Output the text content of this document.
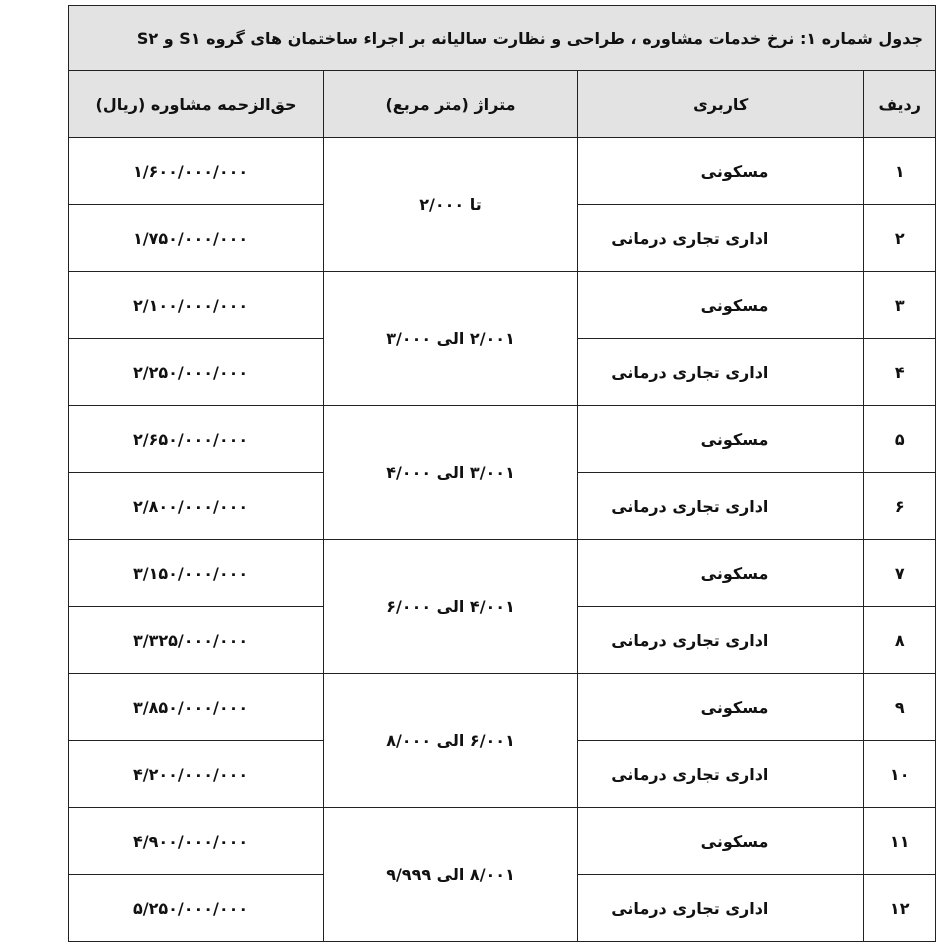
جدول شماره ۱: نرخ خدمات مشاوره ، طراحی و نظارت سالیانه بر اجراء ساختمان های گروه S۱ و S۲			
ردیف	کاربری	متراژ (متر مربع)	حق‌الزحمه مشاوره (ریال)
۱	مسکونی	تا ۲/۰۰۰	۱/۶۰۰/۰۰۰/۰۰۰
۲	اداری تجاری درمانی		۱/۷۵۰/۰۰۰/۰۰۰
۳	مسکونی	۲/۰۰۱ الی ۳/۰۰۰	۲/۱۰۰/۰۰۰/۰۰۰
۴	اداری تجاری درمانی		۲/۲۵۰/۰۰۰/۰۰۰
۵	مسکونی	۳/۰۰۱ الی ۴/۰۰۰	۲/۶۵۰/۰۰۰/۰۰۰
۶	اداری تجاری درمانی		۲/۸۰۰/۰۰۰/۰۰۰
۷	مسکونی	۴/۰۰۱ الی ۶/۰۰۰	۳/۱۵۰/۰۰۰/۰۰۰
۸	اداری تجاری درمانی		۳/۳۲۵/۰۰۰/۰۰۰
۹	مسکونی	۶/۰۰۱ الی ۸/۰۰۰	۳/۸۵۰/۰۰۰/۰۰۰
۱۰	اداری تجاری درمانی		۴/۲۰۰/۰۰۰/۰۰۰
۱۱	مسکونی	۸/۰۰۱ الی ۹/۹۹۹	۴/۹۰۰/۰۰۰/۰۰۰
۱۲	اداری تجاری درمانی		۵/۲۵۰/۰۰۰/۰۰۰
